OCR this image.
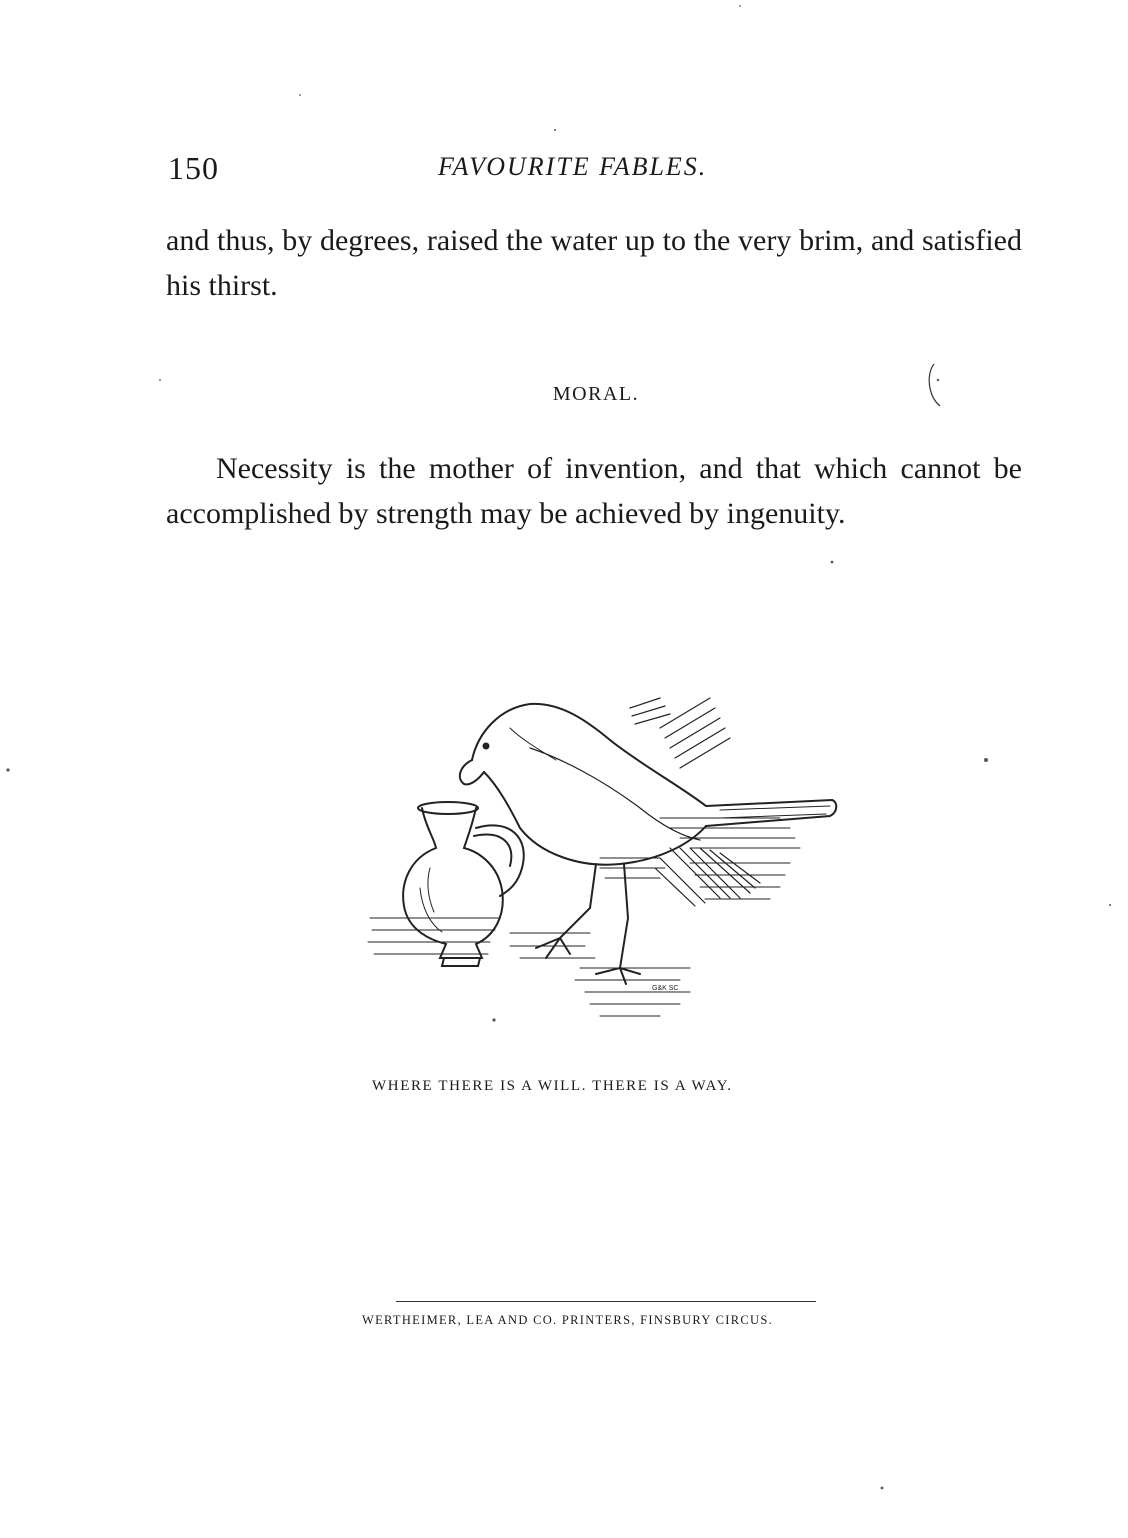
150	FAVOURITE FABLES.

and thus, by degrees, raised the water up to the very brim, and satisfied his thirst.

MORAL.

Necessity is the mother of invention, and that which cannot be accomplished by strength may be achieved by ingenuity.

G&K SC
WHERE THERE IS A WILL. THERE IS A WAY.
WERTHEIMER, LEA AND CO. PRINTERS, FINSBURY CIRCUS.
